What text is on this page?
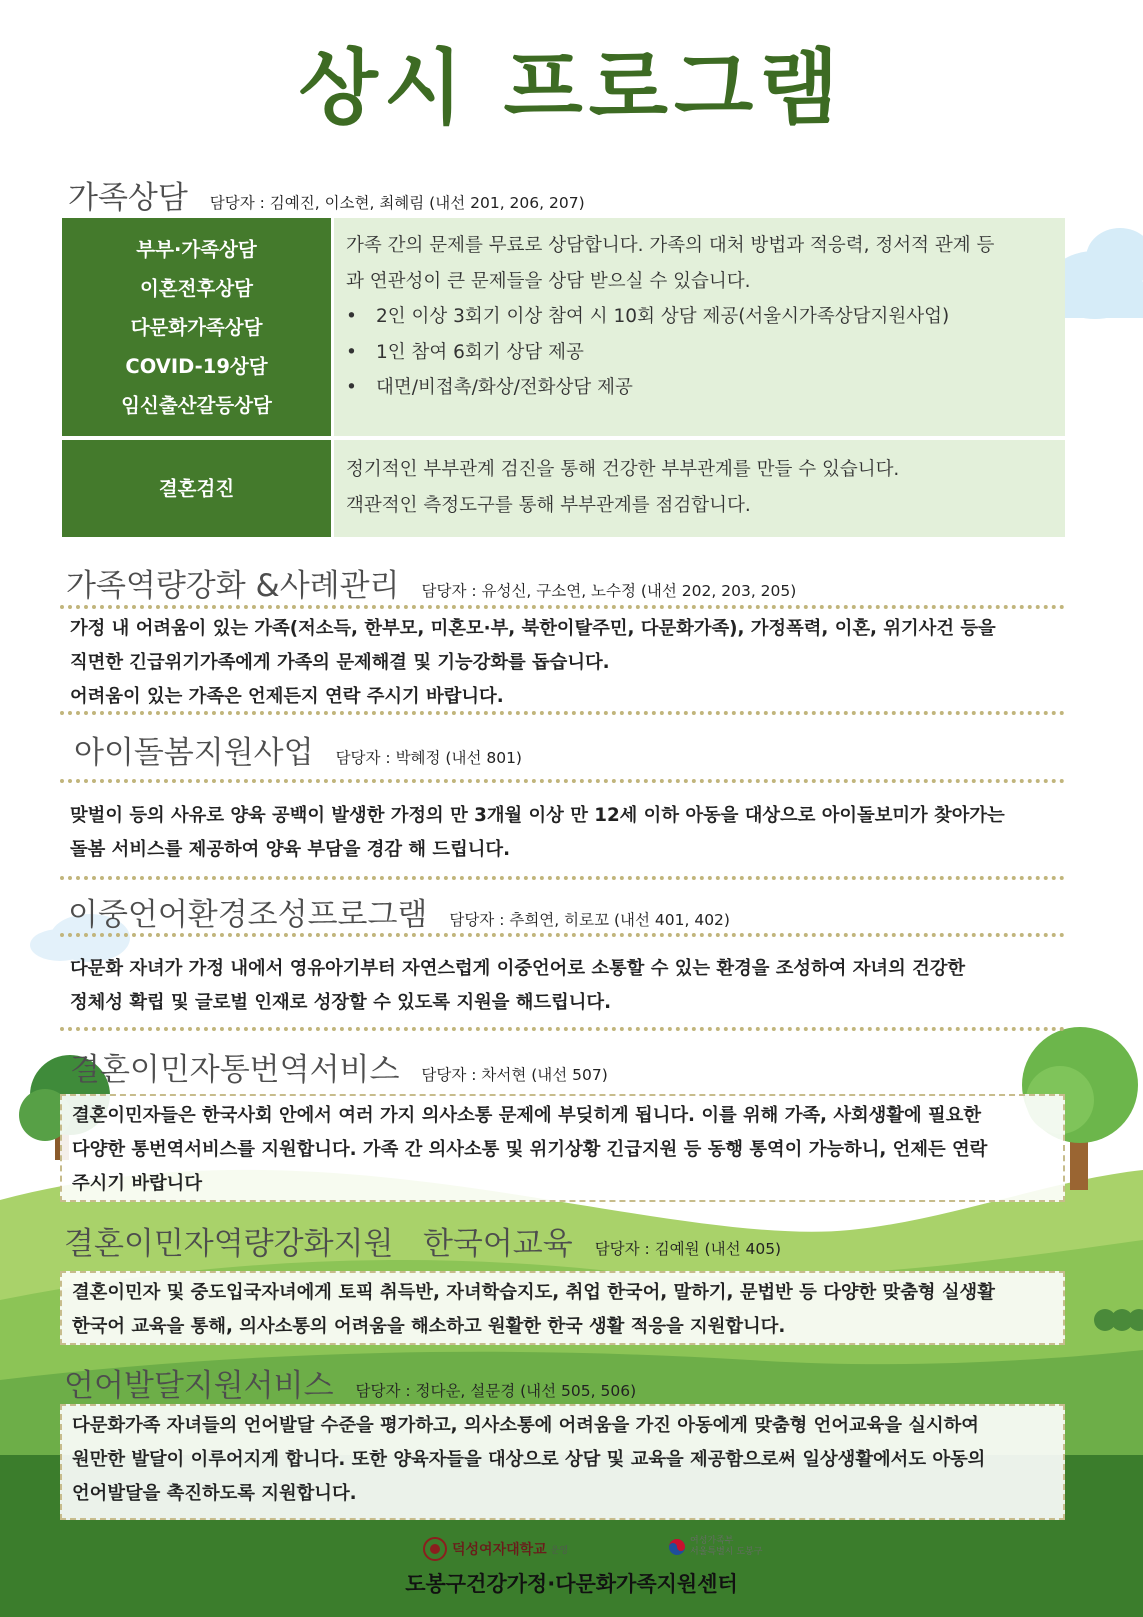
상시 프로그램
가족상담 담당자 : 김예진, 이소현, 최혜림 (내선 201, 206, 207)
부부·가족상담
이혼전후상담
다문화가족상담
COVID-19상담
임신출산갈등상담
가족 간의 문제를 무료로 상담합니다. 가족의 대처 방법과 적응력, 정서적 관계 등
과 연관성이 큰 문제들을 상담 받으실 수 있습니다.
•	2인 이상 3회기 이상 참여 시 10회 상담 제공(서울시가족상담지원사업)
•	1인 참여 6회기 상담 제공
•	대면/비접촉/화상/전화상담 제공
결혼검진
정기적인 부부관계 검진을 통해 건강한 부부관계를 만들 수 있습니다.
객관적인 측정도구를 통해 부부관계를 점검합니다.
가족역량강화 &사례관리 담당자 : 유성신, 구소연, 노수정 (내선 202, 203, 205)
가정 내 어려움이 있는 가족(저소득, 한부모, 미혼모·부, 북한이탈주민, 다문화가족), 가정폭력, 이혼, 위기사건 등을
직면한 긴급위기가족에게 가족의 문제해결 및 기능강화를 돕습니다.
어려움이 있는 가족은 언제든지 연락 주시기 바랍니다.
아이돌봄지원사업 담당자 : 박혜정 (내선 801)
맞벌이 등의 사유로 양육 공백이 발생한 가정의 만 3개월 이상 만 12세 이하 아동을 대상으로 아이돌보미가 찾아가는
돌봄 서비스를 제공하여 양육 부담을 경감 해 드립니다.
이중언어환경조성프로그램 담당자 : 추희연, 히로꼬 (내선 401, 402)
다문화 자녀가 가정 내에서 영유아기부터 자연스럽게 이중언어로 소통할 수 있는 환경을 조성하여 자녀의 건강한
정체성 확립 및 글로벌 인재로 성장할 수 있도록 지원을 해드립니다.
결혼이민자통번역서비스 담당자 : 차서현 (내선 507)
결혼이민자들은 한국사회 안에서 여러 가지 의사소통 문제에 부딪히게 됩니다. 이를 위해 가족, 사회생활에 필요한
다양한 통번역서비스를 지원합니다. 가족 간 의사소통 및 위기상황 긴급지원 등 동행 통역이 가능하니, 언제든 연락
주시기 바랍니다
결혼이민자역량강화지원   한국어교육 담당자 : 김예원 (내선 405)
결혼이민자 및 중도입국자녀에게 토픽 취득반, 자녀학습지도, 취업 한국어, 말하기, 문법반 등 다양한 맞춤형 실생활
한국어 교육을 통해, 의사소통의 어려움을 해소하고 원활한 한국 생활 적응을 지원합니다.
언어발달지원서비스 담당자 : 정다운, 설문경 (내선 505, 506)
다문화가족 자녀들의 언어발달 수준을 평가하고, 의사소통에 어려움을 가진 아동에게 맞춤형 언어교육을 실시하여
원만한 발달이 이루어지게 합니다. 또한 양육자들을 대상으로 상담 및 교육을 제공함으로써 일상생활에서도 아동의
언어발달을 촉진하도록 지원합니다.
덕성여자대학교 운영
여성가족부
서울특별시 도봉구
도봉구건강가정·다문화가족지원센터
